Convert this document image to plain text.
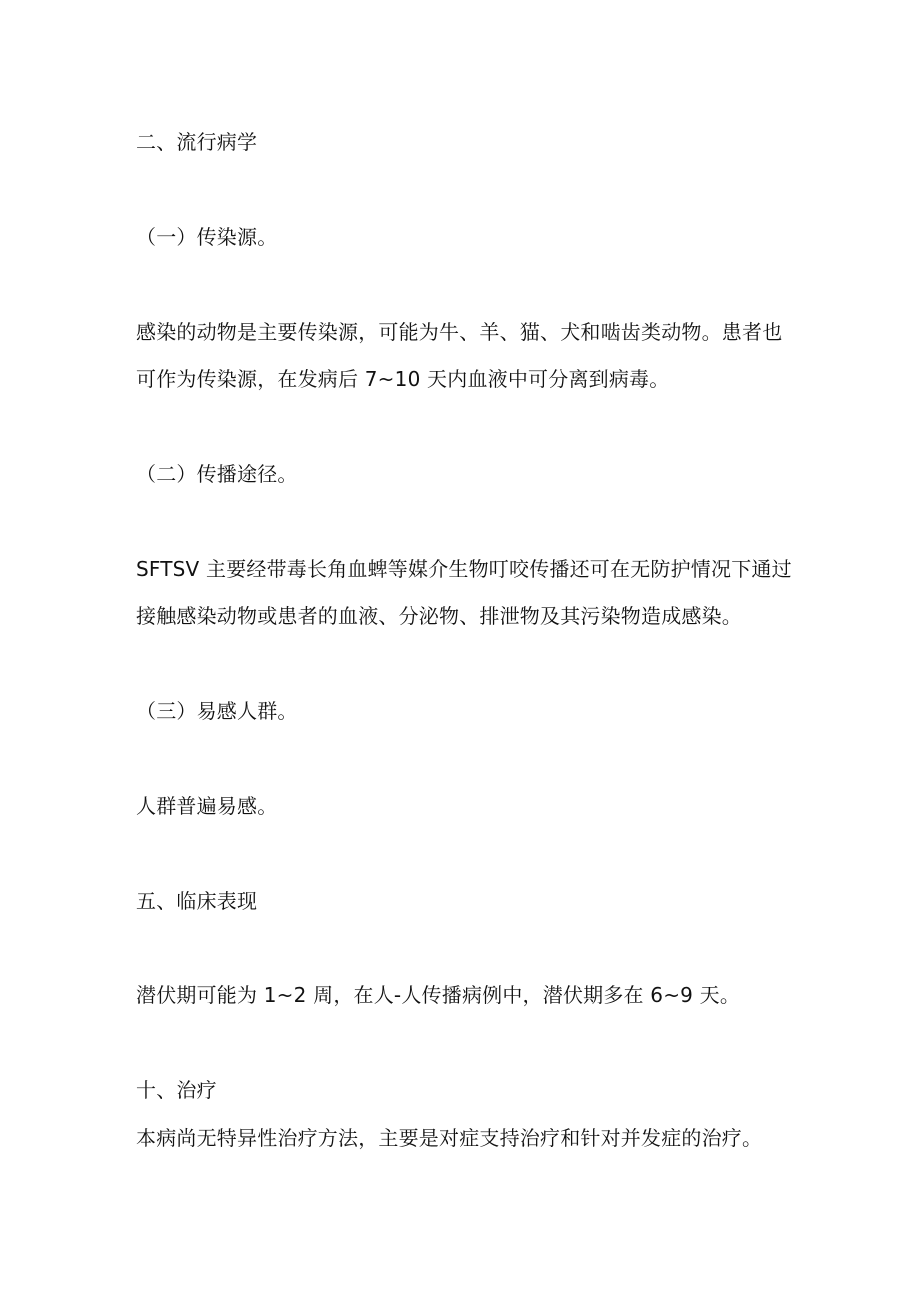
二、流行病学

（一）传染源。

感染的动物是主要传染源，可能为牛、羊、猫、犬和啮齿类动物。患者也

可作为传染源，在发病后 7~10 天内血液中可分离到病毒。

（二）传播途径。

SFTSV 主要经带毒长角血蜱等媒介生物叮咬传播还可在无防护情况下通过

接触感染动物或患者的血液、分泌物、排泄物及其污染物造成感染。

（三）易感人群。

人群普遍易感。

五、临床表现

潜伏期可能为 1~2 周，在人-人传播病例中，潜伏期多在 6~9 天。

十、治疗

本病尚无特异性治疗方法，主要是对症支持治疗和针对并发症的治疗。
